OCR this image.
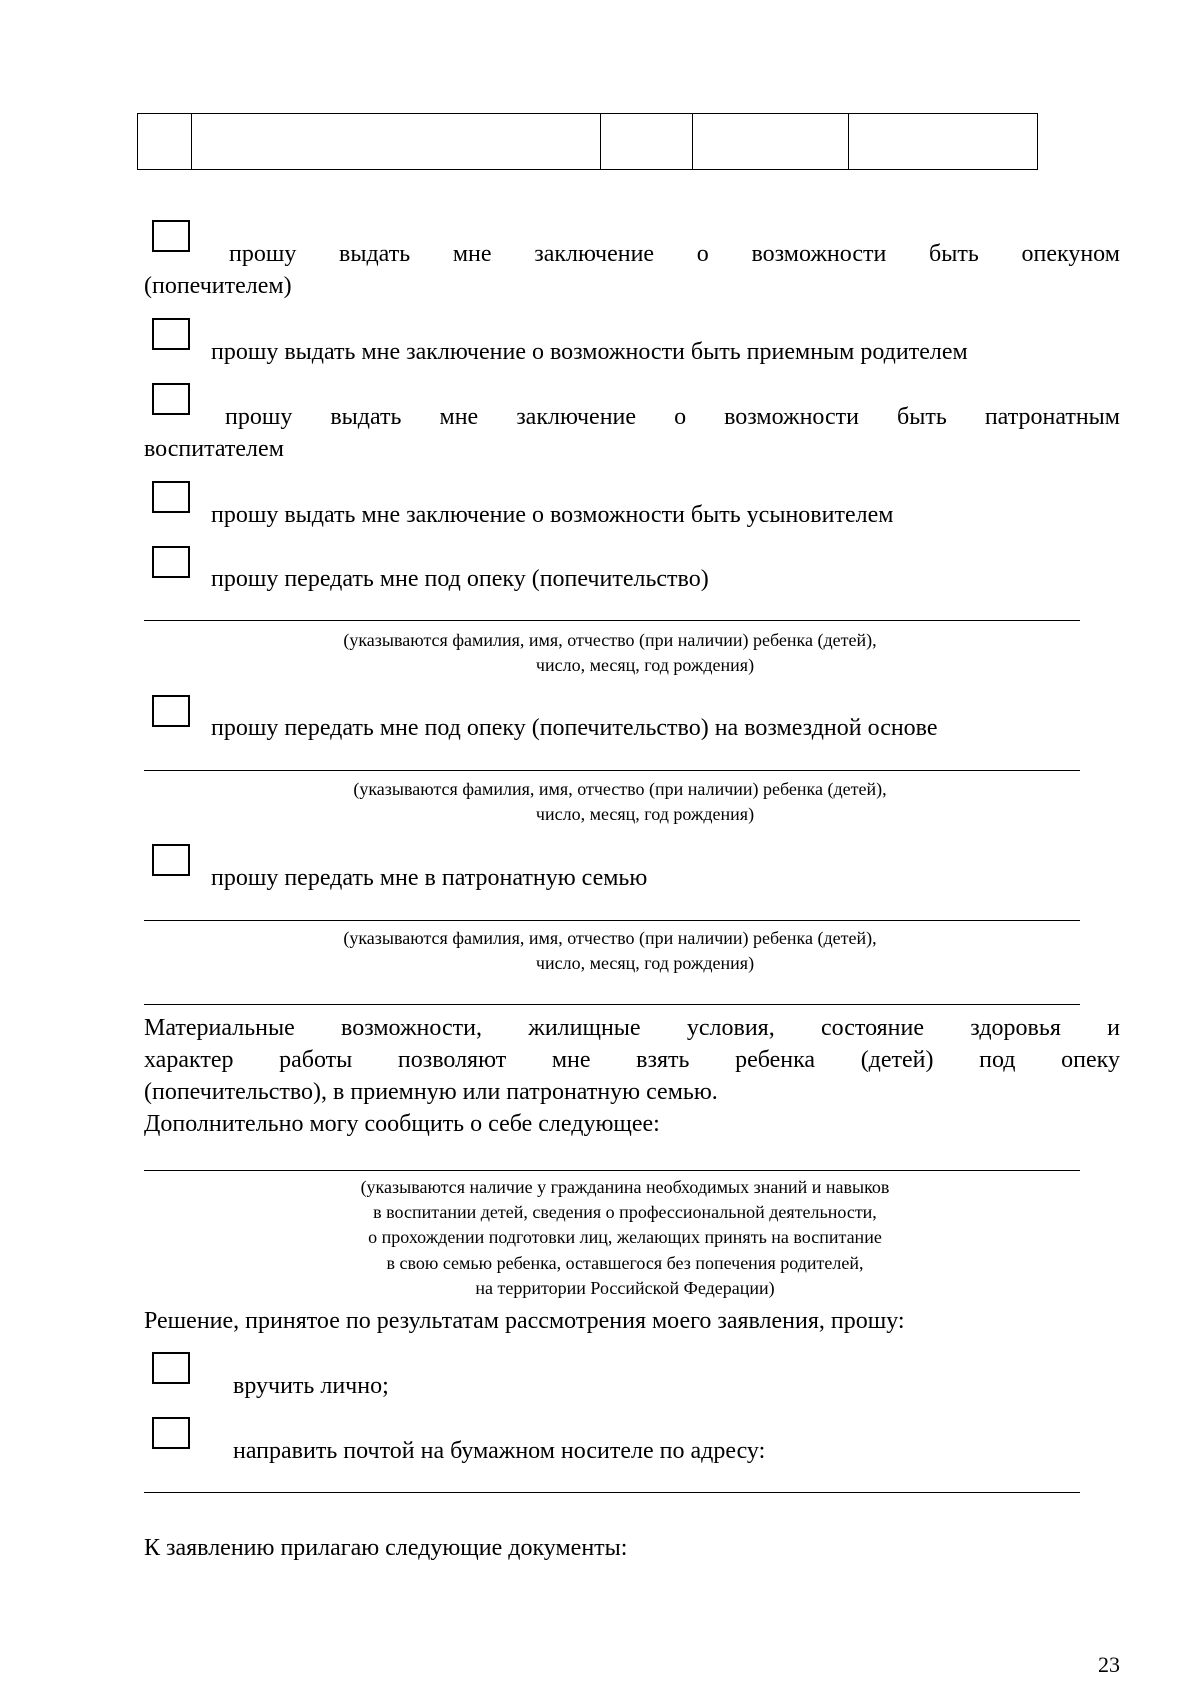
прошу выдать мне заключение о возможности быть опекуном
(попечителем)
прошу выдать мне заключение о возможности быть приемным родителем
прошу выдать мне заключение о возможности быть патронатным
воспитателем
прошу выдать мне заключение о возможности быть усыновителем
прошу передать мне под опеку (попечительство)
(указываются фамилия, имя, отчество (при наличии) ребенка (детей),
число, месяц, год рождения)
прошу передать мне под опеку (попечительство) на возмездной основе
(указываются фамилия, имя, отчество (при наличии) ребенка (детей),
число, месяц, год рождения)
прошу передать мне в патронатную семью
(указываются фамилия, имя, отчество (при наличии) ребенка (детей),
число, месяц, год рождения)
Материальные возможности, жилищные условия, состояние здоровья и
характер работы позволяют мне взять ребенка (детей) под опеку
(попечительство), в приемную или патронатную семью.
Дополнительно могу сообщить о себе следующее:
(указываются наличие у гражданина необходимых знаний и навыков
в воспитании детей, сведения о профессиональной деятельности,
о прохождении подготовки лиц, желающих принять на воспитание
в свою семью ребенка, оставшегося без попечения родителей,
на территории Российской Федерации)
Решение, принятое по результатам рассмотрения моего заявления, прошу:
вручить лично;
направить почтой на бумажном носителе по адресу:
К заявлению прилагаю следующие документы:
23
